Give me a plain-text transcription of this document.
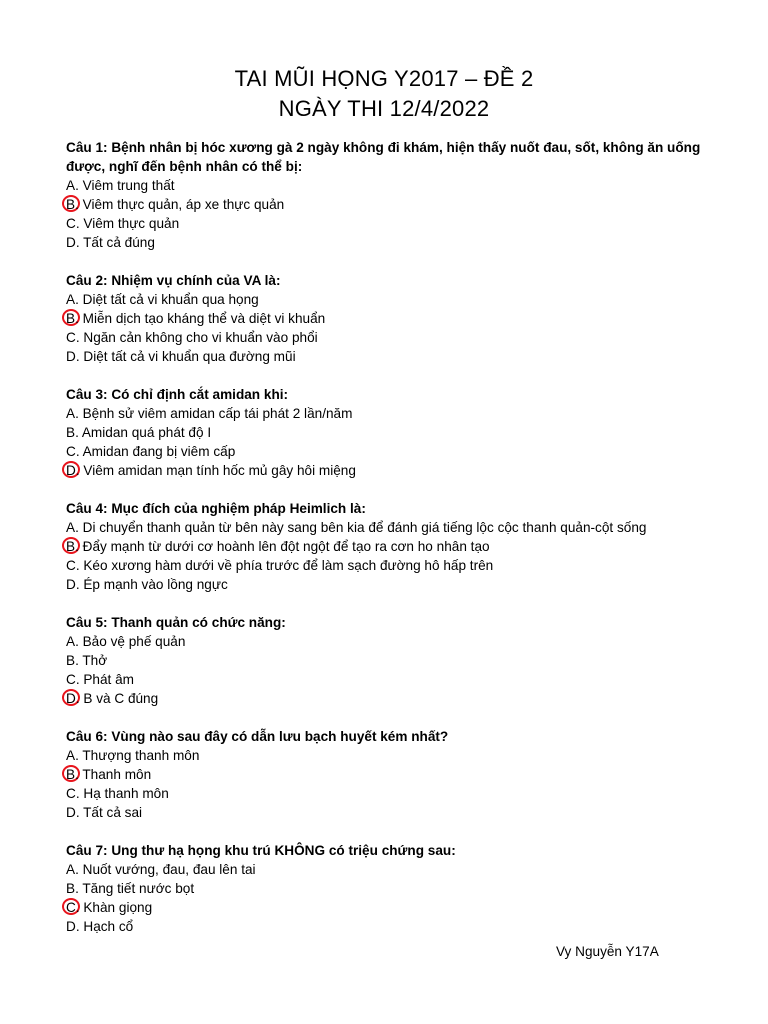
TAI MŨI HỌNG Y2017 – ĐỀ 2
NGÀY THI 12/4/2022
Câu 1: Bệnh nhân bị hóc xương gà 2 ngày không đi khám, hiện thấy nuốt đau, sốt, không ăn uống được, nghĩ đến bệnh nhân có thể bị:
A. Viêm trung thất
B. Viêm thực quản, áp xe thực quản
C. Viêm thực quản
D. Tất cả đúng
Câu 2: Nhiệm vụ chính của VA là:
A. Diệt tất cả vi khuẩn qua họng
B. Miễn dịch tạo kháng thể và diệt vi khuẩn
C. Ngăn cản không cho vi khuẩn vào phổi
D. Diệt tất cả vi khuẩn qua đường mũi
Câu 3: Có chỉ định cắt amidan khi:
A. Bệnh sử viêm amidan cấp tái phát 2 lần/năm
B. Amidan quá phát độ I
C. Amidan đang bị viêm cấp
D. Viêm amidan mạn tính hốc mủ gây hôi miệng
Câu 4: Mục đích của nghiệm pháp Heimlich là:
A. Di chuyển thanh quản từ bên này sang bên kia để đánh giá tiếng lộc cộc thanh quản-cột sống
B. Đẩy mạnh từ dưới cơ hoành lên đột ngột để tạo ra cơn ho nhân tạo
C. Kéo xương hàm dưới về phía trước để làm sạch đường hô hấp trên
D. Ép mạnh vào lồng ngực
Câu 5: Thanh quản có chức năng:
A. Bảo vệ phế quản
B. Thở
C. Phát âm
D. B và C đúng
Câu 6: Vùng nào sau đây có dẫn lưu bạch huyết kém nhất?
A. Thượng thanh môn
B. Thanh môn
C. Hạ thanh môn
D. Tất cả sai
Câu 7: Ung thư hạ họng khu trú KHÔNG có triệu chứng sau:
A. Nuốt vướng, đau, đau lên tai
B. Tăng tiết nước bọt
C. Khàn giọng
D. Hạch cổ
Vy Nguyễn Y17A
